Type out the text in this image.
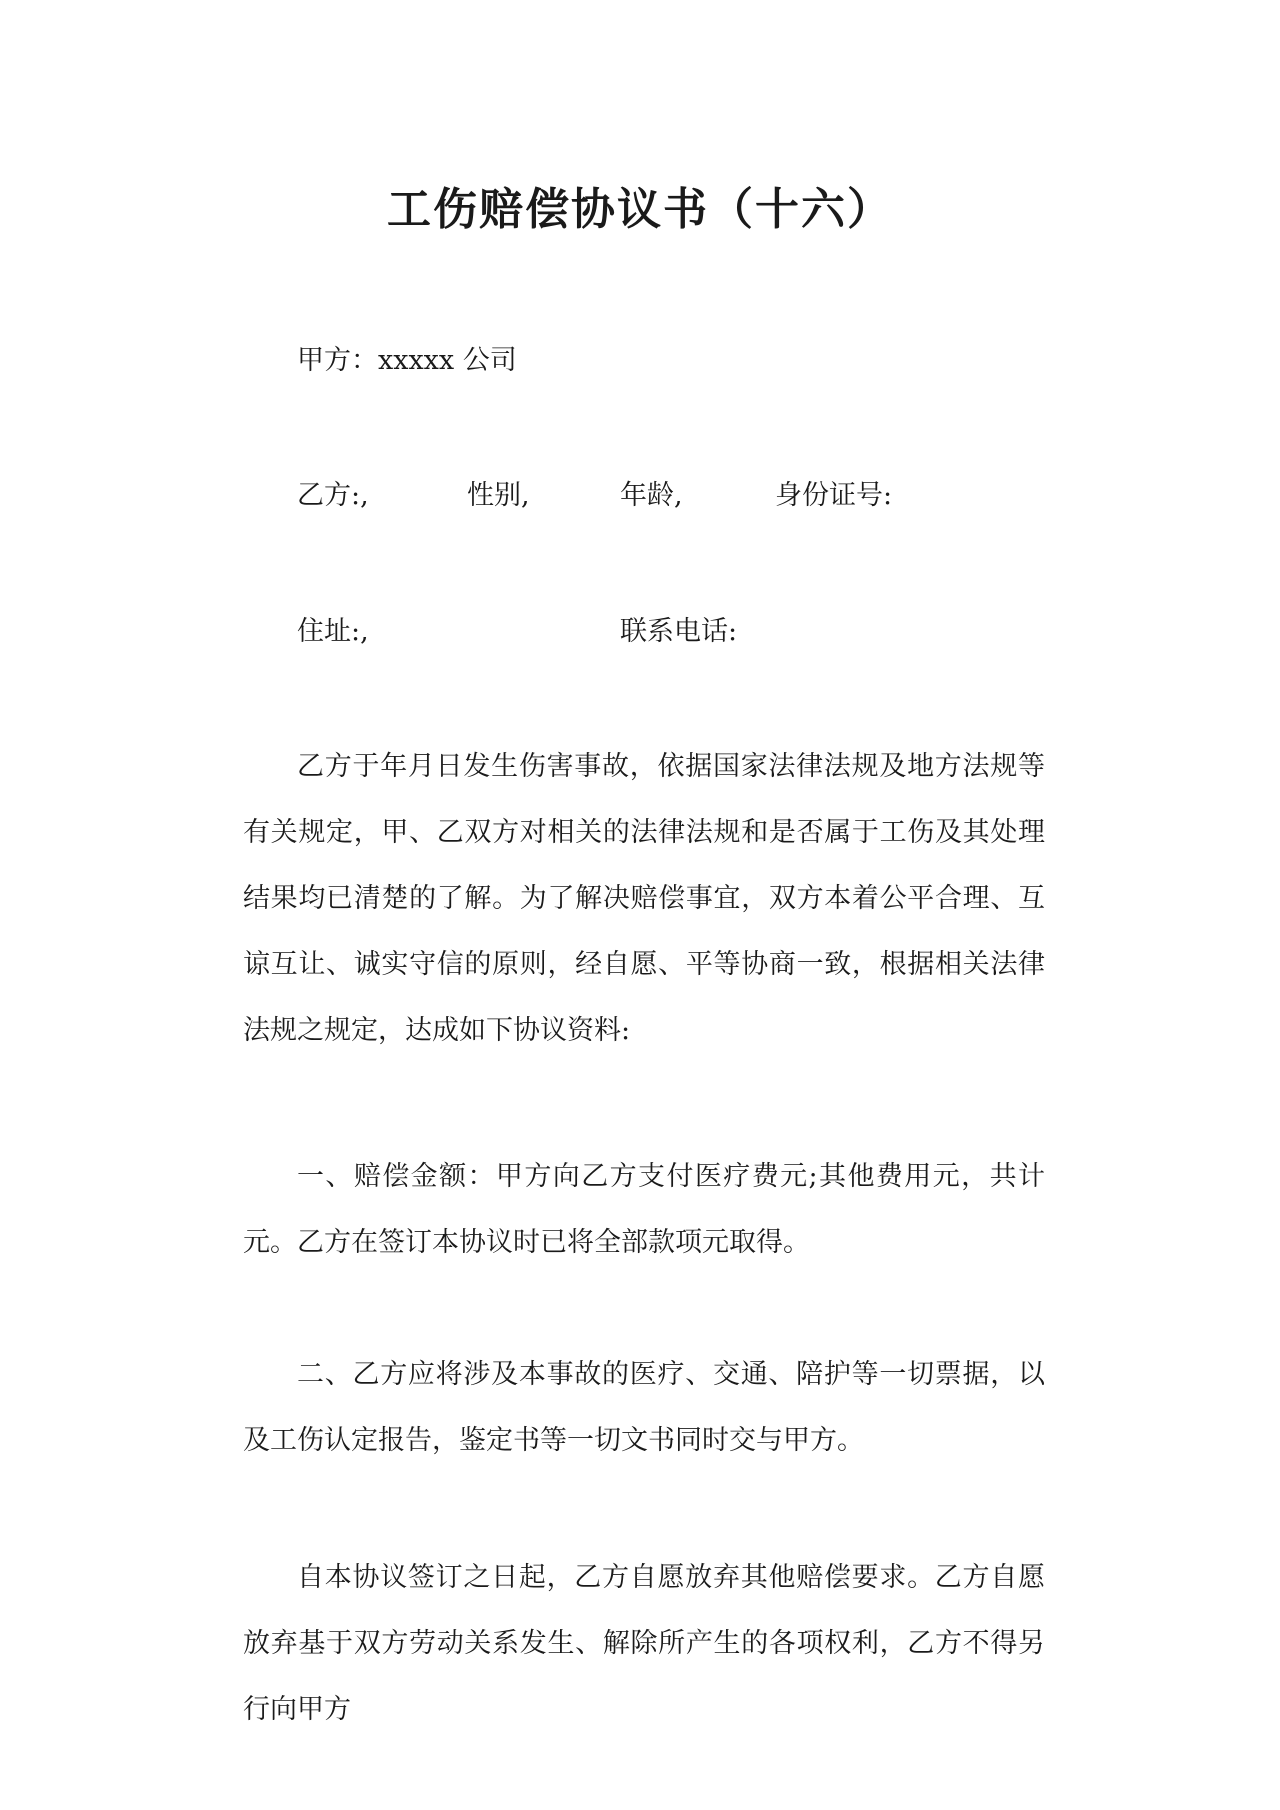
工伤赔偿协议书（十六）
甲方：xxxxx 公司
乙方:,	性别,	年龄,	身份证号:
住址:,	联系电话:

乙方于年月日发生伤害事故，依据国家法律法规及地方法规等有关规定，甲、乙双方对相关的法律法规和是否属于工伤及其处理结果均已清楚的了解。为了解决赔偿事宜，双方本着公平合理、互谅互让、诚实守信的原则，经自愿、平等协商一致，根据相关法律法规之规定，达成如下协议资料:

一、赔偿金额：甲方向乙方支付医疗费元;其他费用元，共计元。乙方在签订本协议时已将全部款项元取得。

二、乙方应将涉及本事故的医疗、交通、陪护等一切票据，以及工伤认定报告，鉴定书等一切文书同时交与甲方。

自本协议签订之日起，乙方自愿放弃其他赔偿要求。乙方自愿放弃基于双方劳动关系发生、解除所产生的各项权利，乙方不得另行向甲方
